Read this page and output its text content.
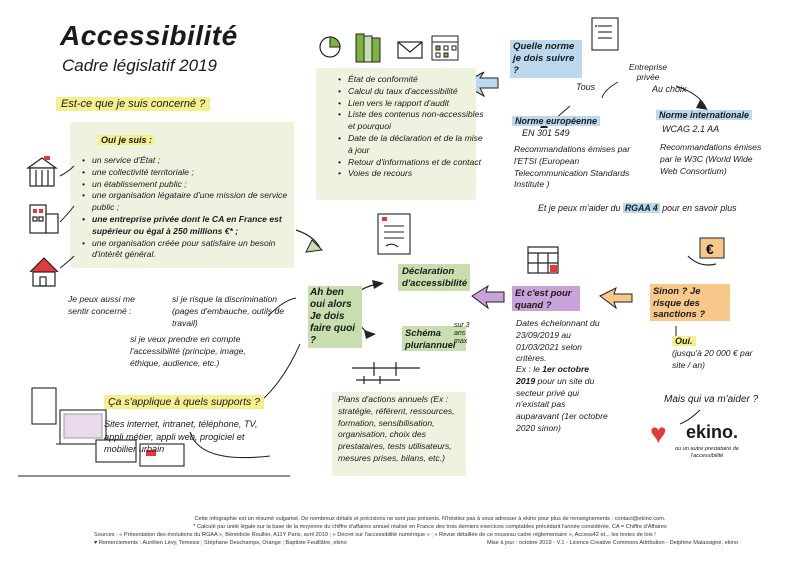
Accessibilité
Cadre législatif 2019
Est-ce que je suis concerné ?
Oui je suis :
• un service d'État ;
• une collectivité territoriale ;
• un établissement public ;
• une organisation légataire d'une mission de service public ;
• une entreprise privée dont le CA en France est supérieur ou égal à 250 millions €* ;
• une organisation créée pour satisfaire un besoin d'intérêt général.	€
Je peux aussi me sentir concerné :
si je risque la discrimination (pages d'embauche, outils de travail)
si je veux prendre en compte l'accessibilité (principe, image, éthique, audience, etc.)
Ça s'applique à quels supports ?
Sites internet, intranet, téléphone, TV, appli métier, appli web, progiciel et mobilier urbain
Ah ben oui alors Je dois faire quoi ?
• État de conformité
• Calcul du taux d'accessibilité
• Lien vers le rapport d'audit
• Liste des contenus non-accessibles et pourquoi
• Date de la déclaration et de la mise à jour
• Retour d'informations et de contact
• Voies de recours
Déclaration d'accessibilité
Schéma pluriannuel
sur 3 ans max
Plans d'actions annuels (Ex : stratégie, référent, ressources, formation, sensibilisation, organisation, choix des prestataires, tests utilisateurs, mesures prises, bilans, etc.)
Quelle norme je dois suivre ?
Tous
Entreprise privée
Au choix
Norme européenne
EN 301 549
Recommandations émises par l'ETSI (European Telecommunication Standards Institute )
Norme internationale
WCAG 2.1 AA
Recommandations émises par le W3C (World Wide Web Consortium)
Et je peux m'aider du RGAA 4 pour en savoir plus
Et c'est pour quand ?
Dates échelonnant du 23/09/2019 au 01/03/2021 selon critères.
Ex : le 1er octobre 2019 pour un site du secteur privé qui n'existait pas auparavant (1er octobre 2020 sinon)
Sinon ? Je risque des sanctions ?
Oui.
(jusqu'à 20 000 € par site / an)
Mais qui va m'aider ?
♥ ekino.
ou un autre prestataire de l'accessibilité
Cette infographie est un résumé vulgarisé. De nombreux détails et précisions ne sont pas présents. N'hésitez pas à vous adresser à ekino pour plus de renseignements : contact@ekino.com.
* Calculé par unité légale sur la base de la moyenne du chiffre d'affaires annuel réalisé en France des trois derniers exercices comptables précédant l'année considérée, CA = Chiffre d'Affaires
Sources : « Présentation des évolutions du RGAA », Bénédicte Roullier, A11Y Paris, avril 2019 ; « Décret sur l'accessibilité numérique » ; « Revue détaillée de ce nouveau cadre réglementaire », Access42 et... les textes de lois !
♥ Remerciements : Aurélien Lévy, Temesis ; Stéphane Deschamps, Orange ; Baptiste Feuillâtre, ekino	Mise à jour : octobre 2019 - V.1 - Licence Creative Commons Attribution - Delphine Malassigné, ekino
